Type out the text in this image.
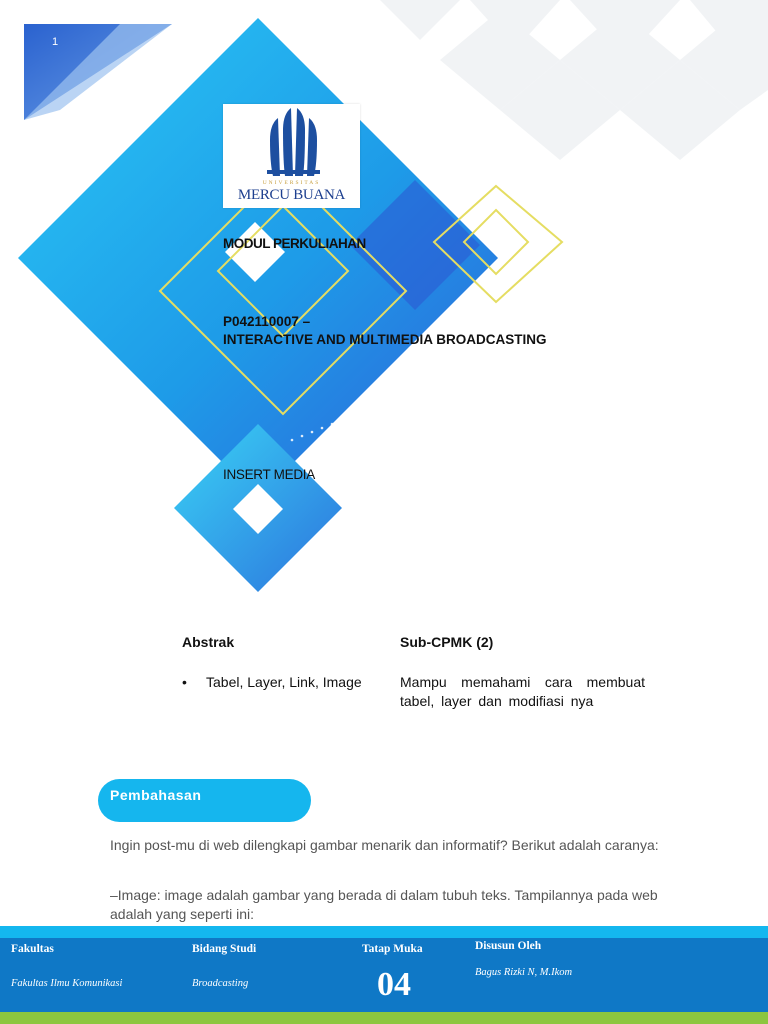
1
UNIVERSITAS
MERCU BUANA
MODUL PERKULIAHAN
P042110007 –
INTERACTIVE AND MULTIMEDIA BROADCASTING
INSERT MEDIA
Abstrak	Sub-CPMK (2)
• Tabel, Layer, Link, Image	Mampu memahami cara membuat tabel, layer dan modifiasi nya
Pembahasan
Ingin post-mu di web dilengkapi gambar menarik dan informatif? Berikut adalah caranya:
–Image: image adalah gambar yang berada di dalam tubuh teks. Tampilannya pada web adalah yang seperti ini:
Fakultas
Fakultas Ilmu Komunikasi
Bidang Studi
Broadcasting
Tatap Muka
04
Disusun Oleh
Bagus Rizki N, M.Ikom
